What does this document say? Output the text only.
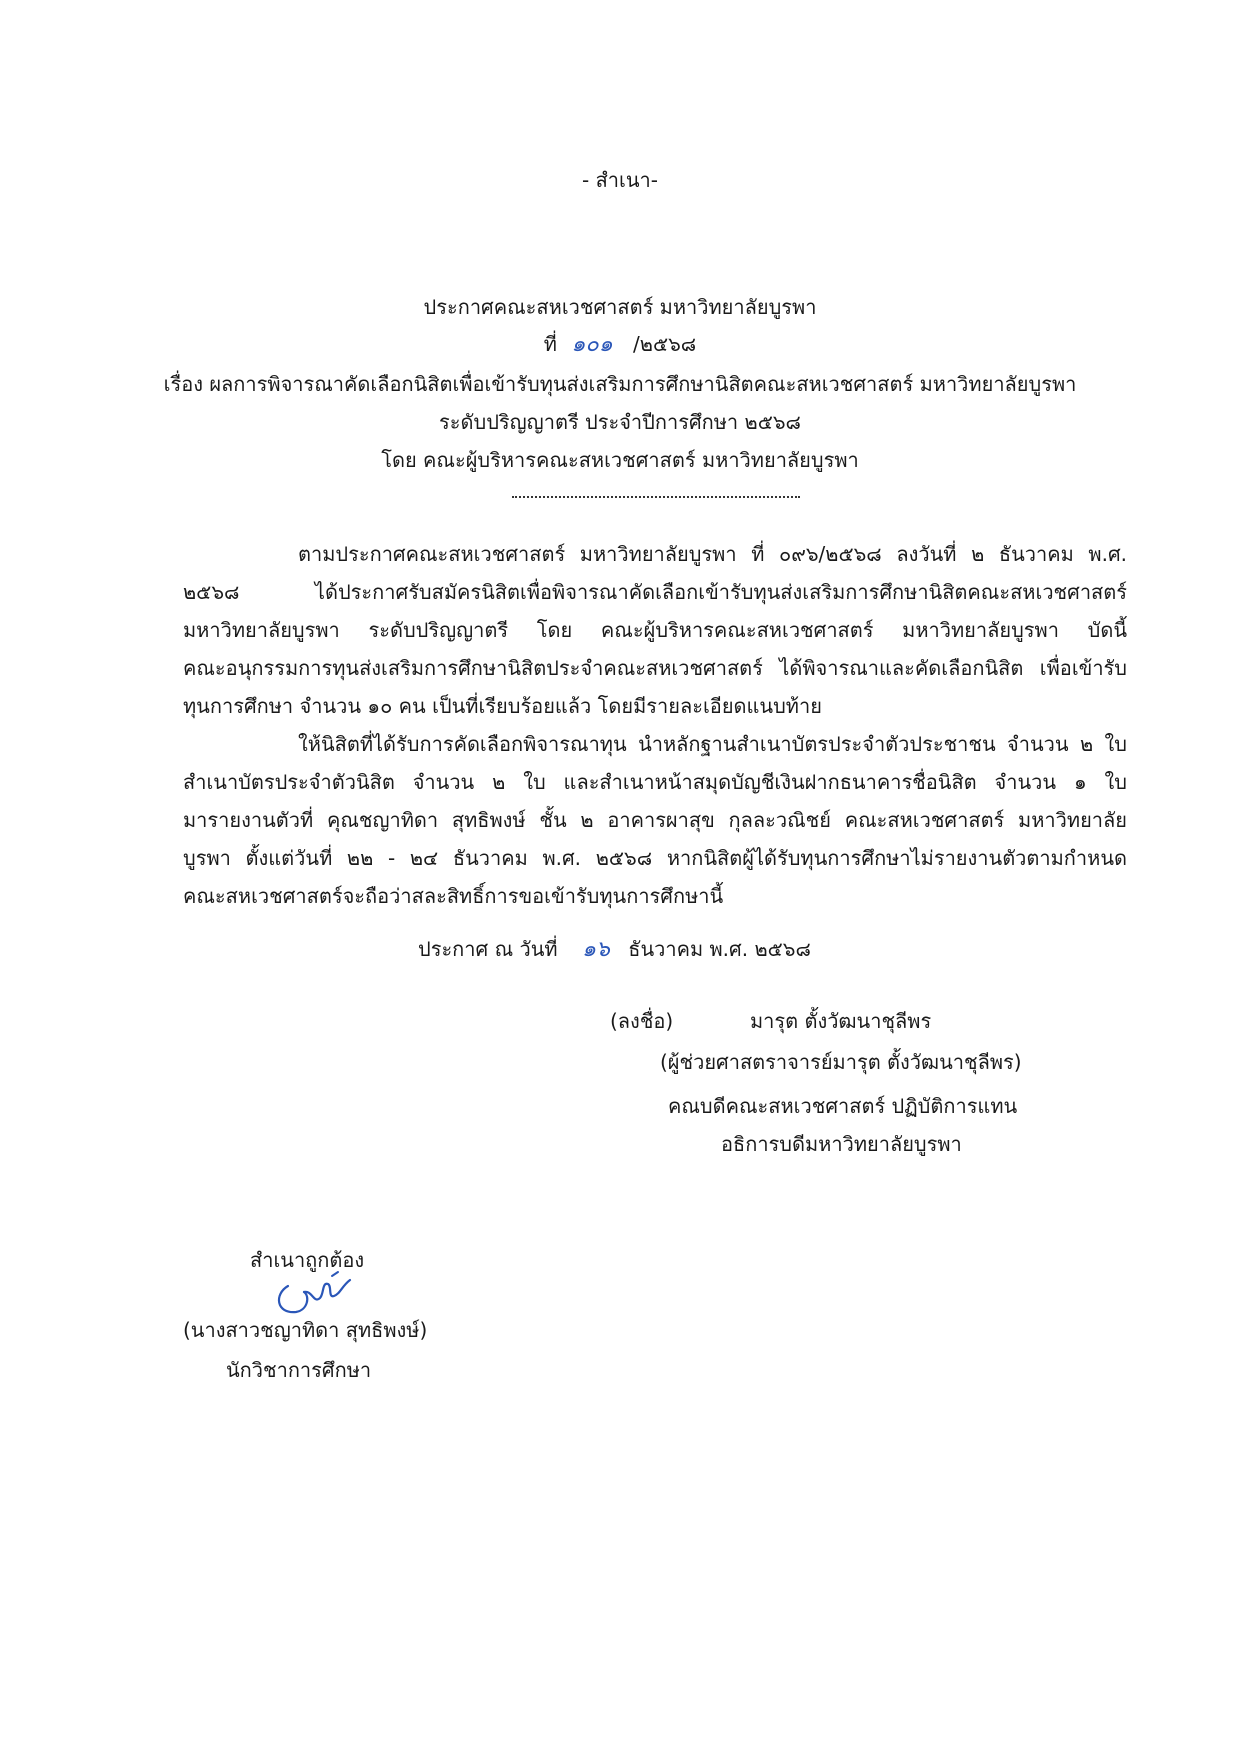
- สำเนา-
ประกาศคณะสหเวชศาสตร์ มหาวิทยาลัยบูรพา
ที่ ๑๐๑ /๒๕๖๘
เรื่อง ผลการพิจารณาคัดเลือกนิสิตเพื่อเข้ารับทุนส่งเสริมการศึกษานิสิตคณะสหเวชศาสตร์ มหาวิทยาลัยบูรพา
ระดับปริญญาตรี ประจำปีการศึกษา ๒๕๖๘
โดย คณะผู้บริหารคณะสหเวชศาสตร์ มหาวิทยาลัยบูรพา
ตามประกาศคณะสหเวชศาสตร์ มหาวิทยาลัยบูรพา ที่ ๐๙๖/๒๕๖๘ ลงวันที่ ๒ ธันวาคม พ.ศ.
๒๕๖๘ ได้ประกาศรับสมัครนิสิตเพื่อพิจารณาคัดเลือกเข้ารับทุนส่งเสริมการศึกษานิสิตคณะสหเวชศาสตร์
มหาวิทยาลัยบูรพา ระดับปริญญาตรี โดย คณะผู้บริหารคณะสหเวชศาสตร์ มหาวิทยาลัยบูรพา บัดนี้
คณะอนุกรรมการทุนส่งเสริมการศึกษานิสิตประจำคณะสหเวชศาสตร์ ได้พิจารณาและคัดเลือกนิสิต เพื่อเข้ารับ
ทุนการศึกษา จำนวน ๑๐ คน เป็นที่เรียบร้อยแล้ว โดยมีรายละเอียดแนบท้าย
ให้นิสิตที่ได้รับการคัดเลือกพิจารณาทุน นำหลักฐานสำเนาบัตรประจำตัวประชาชน จำนวน ๒ ใบ
สำเนาบัตรประจำตัวนิสิต จำนวน ๒ ใบ และสำเนาหน้าสมุดบัญชีเงินฝากธนาคารชื่อนิสิต จำนวน ๑ ใบ
มารายงานตัวที่ คุณชญาทิดา สุทธิพงษ์ ชั้น ๒ อาคารผาสุข กุลละวณิชย์ คณะสหเวชศาสตร์ มหาวิทยาลัย
บูรพา ตั้งแต่วันที่ ๒๒ - ๒๔ ธันวาคม พ.ศ. ๒๕๖๘ หากนิสิตผู้ได้รับทุนการศึกษาไม่รายงานตัวตามกำหนด
คณะสหเวชศาสตร์จะถือว่าสละสิทธิ์การขอเข้ารับทุนการศึกษานี้
ประกาศ ณ วันที่ ๑๖ ธันวาคม พ.ศ. ๒๕๖๘
(ลงชื่อ)	มารุต ตั้งวัฒนาชุลีพร
(ผู้ช่วยศาสตราจารย์มารุต ตั้งวัฒนาชุลีพร)
คณบดีคณะสหเวชศาสตร์ ปฏิบัติการแทน
อธิการบดีมหาวิทยาลัยบูรพา
สำเนาถูกต้อง
(นางสาวชญาทิดา สุทธิพงษ์)
นักวิชาการศึกษา
